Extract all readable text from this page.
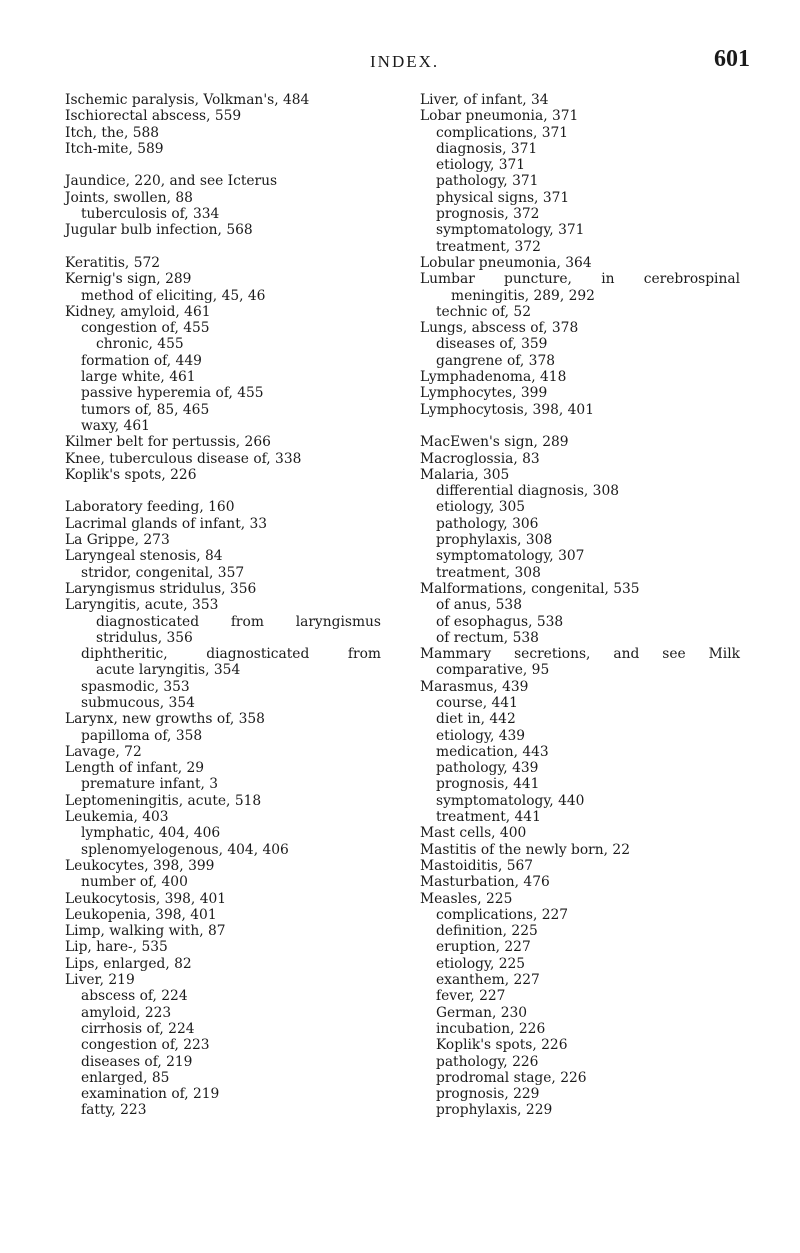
INDEX.	601
Ischemic paralysis, Volkman's, 484
Ischiorectal abscess, 559
Itch, the, 588
Itch-mite, 589
Jaundice, 220, and see Icterus
Joints, swollen, 88
tuberculosis of, 334
Jugular bulb infection, 568
Keratitis, 572
Kernig's sign, 289
method of eliciting, 45, 46
Kidney, amyloid, 461
congestion of, 455
chronic, 455
formation of, 449
large white, 461
passive hyperemia of, 455
tumors of, 85, 465
waxy, 461
Kilmer belt for pertussis, 266
Knee, tuberculous disease of, 338
Koplik's spots, 226
Laboratory feeding, 160
Lacrimal glands of infant, 33
La Grippe, 273
Laryngeal stenosis, 84
stridor, congenital, 357
Laryngismus stridulus, 356
Laryngitis, acute, 353
diagnosticated from laryngismus
stridulus, 356
diphtheritic, diagnosticated from
acute laryngitis, 354
spasmodic, 353
submucous, 354
Larynx, new growths of, 358
papilloma of, 358
Lavage, 72
Length of infant, 29
premature infant, 3
Leptomeningitis, acute, 518
Leukemia, 403
lymphatic, 404, 406
splenomyelogenous, 404, 406
Leukocytes, 398, 399
number of, 400
Leukocytosis, 398, 401
Leukopenia, 398, 401
Limp, walking with, 87
Lip, hare-, 535
Lips, enlarged, 82
Liver, 219
abscess of, 224
amyloid, 223
cirrhosis of, 224
congestion of, 223
diseases of, 219
enlarged, 85
examination of, 219
fatty, 223
Liver, of infant, 34
Lobar pneumonia, 371
complications, 371
diagnosis, 371
etiology, 371
pathology, 371
physical signs, 371
prognosis, 372
symptomatology, 371
treatment, 372
Lobular pneumonia, 364
Lumbar puncture, in cerebrospinal
meningitis, 289, 292
technic of, 52
Lungs, abscess of, 378
diseases of, 359
gangrene of, 378
Lymphadenoma, 418
Lymphocytes, 399
Lymphocytosis, 398, 401
MacEwen's sign, 289
Macroglossia, 83
Malaria, 305
differential diagnosis, 308
etiology, 305
pathology, 306
prophylaxis, 308
symptomatology, 307
treatment, 308
Malformations, congenital, 535
of anus, 538
of esophagus, 538
of rectum, 538
Mammary secretions, and see Milk
comparative, 95
Marasmus, 439
course, 441
diet in, 442
etiology, 439
medication, 443
pathology, 439
prognosis, 441
symptomatology, 440
treatment, 441
Mast cells, 400
Mastitis of the newly born, 22
Mastoiditis, 567
Masturbation, 476
Measles, 225
complications, 227
definition, 225
eruption, 227
etiology, 225
exanthem, 227
fever, 227
German, 230
incubation, 226
Koplik's spots, 226
pathology, 226
prodromal stage, 226
prognosis, 229
prophylaxis, 229
